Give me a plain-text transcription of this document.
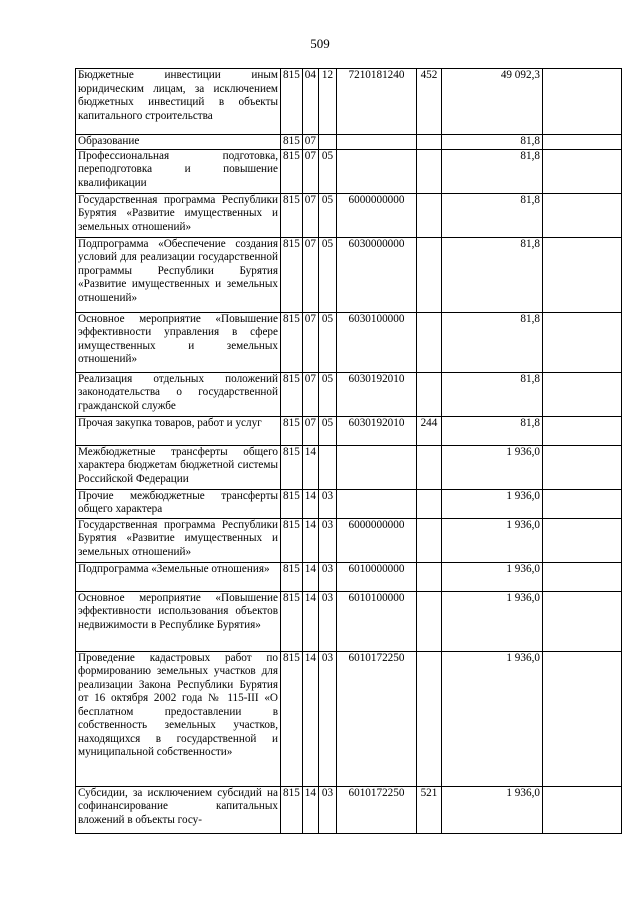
509
Бюджетные инвестиции иным юридическим лицам, за исключением бюджетных инвестиций в объекты капитального строительства	815	04	12	7210181240	452	49 092,3	
Образование	815	07				81,8	
Профессиональная подготовка, переподготовка и повышение квалификации	815	07	05			81,8	
Государственная программа Республики Бурятия «Развитие имущественных и земельных отношений»	815	07	05	6000000000		81,8	
Подпрограмма «Обеспечение создания условий для реализации государственной программы Республики Бурятия «Развитие имущественных и земельных отношений»	815	07	05	6030000000		81,8	
Основное мероприятие «Повышение эффективности управления в сфере имущественных и земельных отношений»	815	07	05	6030100000		81,8	
Реализация отдельных положений законодательства о государственной гражданской службе	815	07	05	6030192010		81,8	
Прочая закупка товаров, работ и услуг	815	07	05	6030192010	244	81,8	
Межбюджетные трансферты общего характера бюджетам бюджетной системы Российской Федерации	815	14				1 936,0	
Прочие межбюджетные трансферты общего характера	815	14	03			1 936,0	
Государственная программа Республики Бурятия «Развитие имущественных и земельных отношений»	815	14	03	6000000000		1 936,0	
Подпрограмма «Земельные отношения»	815	14	03	6010000000		1 936,0	
Основное мероприятие «Повышение эффективности использования объектов недвижимости в Республике Бурятия»	815	14	03	6010100000		1 936,0	
Проведение кадастровых работ по формированию земельных участков для реализации Закона Республики Бурятия от 16 октября 2002 года № 115-III «О бесплатном предоставлении в собственность земельных участков, находящихся в государственной и муниципальной собственности»	815	14	03	6010172250		1 936,0	
Субсидии, за исключением субсидий на софинансирование капитальных вложений в объекты госу-	815	14	03	6010172250	521	1 936,0	
